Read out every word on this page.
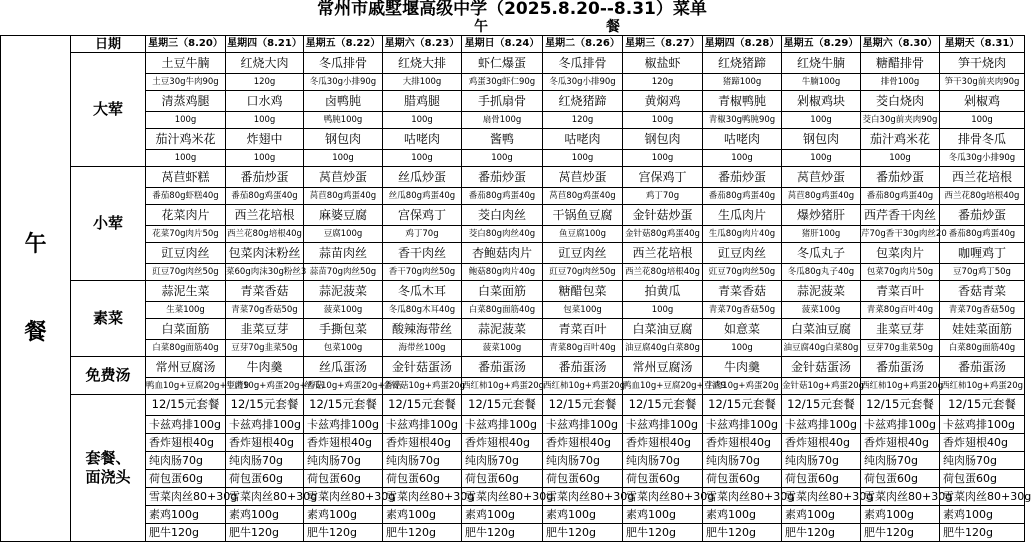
常州市戚墅堰高级中学（2025.8.20--8.31）菜单
午	餐
午
餐	日期	星期三（8.20）	星期四（8.21）	星期五（8.22）	星期六（8.23）	星期日（8.24）	星期二（8.26）	星期三（8.27）	星期四（8.28）	星期五（8.29）	星期六（8.30）	星期天（8.31）
	大荤	土豆牛腩	红烧大肉	冬瓜排骨	红烧大排	虾仁爆蛋	冬瓜排骨	椒盐虾	红烧猪蹄	红烧牛腩	糖醋排骨	笋干烧肉
		土豆30g牛肉90g	120g	冬瓜30g小排90g	大排100g	鸡蛋30g虾仁90g	冬瓜30g小排90g	120g	猪蹄100g	牛腩100g	排骨100g	笋干30g前夹肉90g
		清蒸鸡腿	口水鸡	卤鸭肫	腊鸡腿	手抓扇骨	红烧猪蹄	黄焖鸡	青椒鸭肫	剁椒鸡块	茭白烧肉	剁椒鸡
		100g	100g	鸭肫100g	100g	扇骨100g	120g	100g	青椒30g鸭肫90g	100g	茭白30g前夹肉90g	100g
		茄汁鸡米花	炸翅中	钢包肉	咕咾肉	酱鸭	咕咾肉	钢包肉	咕咾肉	钢包肉	茄汁鸡米花	排骨冬瓜
		100g	100g	100g	100g	100g	100g	100g	100g	100g	100g	冬瓜30g小排90g
	小荤	莴苣虾糕	番茄炒蛋	莴苣炒蛋	丝瓜炒蛋	番茄炒蛋	莴苣炒蛋	宫保鸡丁	番茄炒蛋	莴苣炒蛋	番茄炒蛋	西兰花培根
		番茄80g虾糕40g	番茄80g鸡蛋40g	莴苣80g鸡蛋40g	丝瓜80g鸡蛋40g	番茄80g鸡蛋40g	莴苣80g鸡蛋40g	鸡丁70g	番茄80g鸡蛋40g	莴苣80g鸡蛋40g	番茄80g鸡蛋40g	西兰花80g培根40g
		花菜肉片	西兰花培根	麻婆豆腐	宫保鸡丁	茭白肉丝	干锅鱼豆腐	金针菇炒蛋	生瓜肉片	爆炒猪肝	西芹香干肉丝	番茄炒蛋
		花菜70g肉片50g	西兰花80g培根40g	豆腐100g	鸡丁70g	茭白80g肉丝40g	鱼豆腐100g	金针菇80g鸡蛋40g	生瓜80g肉片40g	猪肝100g	芹70g香干30g肉丝20	番茄80g鸡蛋40g
		豇豆肉丝	包菜肉沫粉丝	蒜苗肉丝	香干肉丝	杏鲍菇肉片	豇豆肉丝	西兰花培根	豇豆肉丝	冬瓜丸子	包菜肉片	咖喱鸡丁
		豇豆70g肉丝50g	菜60g肉沫30g粉丝3	蒜苗70g肉丝50g	香干70g肉丝50g	鲍菇80g肉片40g	豇豆70g肉丝50g	西兰花80g培根40g	豇豆70g肉丝50g	冬瓜80g丸子40g	包菜70g肉片50g	豆70g鸡丁50g
	素菜	蒜泥生菜	青菜香菇	蒜泥菠菜	冬瓜木耳	白菜面筋	糖醋包菜	拍黄瓜	青菜香菇	蒜泥菠菜	青菜百叶	香菇青菜
		生菜100g	青菜70g香菇50g	菠菜100g	冬瓜80g木耳40g	白菜80g面筋40g	包菜100g	100g	青菜70g香菇50g	菠菜100g	青菜80g百叶40g	青菜70g香菇50g
		白菜面筋	韭菜豆芽	手撕包菜	酸辣海带丝	蒜泥菠菜	青菜百叶	白菜油豆腐	如意菜	白菜油豆腐	韭菜豆芽	娃娃菜面筋
		白菜80g面筋40g	豆芽70g韭菜50g	包菜100g	海带丝100g	菠菜100g	青菜80g百叶40g	油豆腐40g白菜80g	100g	油豆腐40g白菜80g	豆芽70g韭菜50g	白菜80g面筋40g
	免费汤	常州豆腐汤	牛肉羹	丝瓜蛋汤	金针菇蛋汤	番茄蛋汤	番茄蛋汤	常州豆腐汤	牛肉羹	金针菇蛋汤	番茄蛋汤	番茄蛋汤
		鸭血10g+豆腐20g+豆渣9	牛肉10g+鸡蛋20g+香菇	丝瓜10g+鸡蛋20g+香菇	金针菇10g+鸡蛋20g	西红柿10g+鸡蛋20g	西红柿10g+鸡蛋20g	鸭血10g+豆腐20g+豆渣9	牛肉10g+鸡蛋20g	金针菇10g+鸡蛋20g	西红柿10g+鸡蛋20g	西红柿10g+鸡蛋20g

	套餐、
面浇头	12/15元套餐	12/15元套餐	12/15元套餐	12/15元套餐	12/15元套餐	12/15元套餐	12/15元套餐	12/15元套餐	12/15元套餐	12/15元套餐	12/15元套餐
		卡兹鸡排100g	卡兹鸡排100g	卡兹鸡排100g	卡兹鸡排100g	卡兹鸡排100g	卡兹鸡排100g	卡兹鸡排100g	卡兹鸡排100g	卡兹鸡排100g	卡兹鸡排100g	卡兹鸡排100g
		香炸翅根40g	香炸翅根40g	香炸翅根40g	香炸翅根40g	香炸翅根40g	香炸翅根40g	香炸翅根40g	香炸翅根40g	香炸翅根40g	香炸翅根40g	香炸翅根40g
		纯肉肠70g	纯肉肠70g	纯肉肠70g	纯肉肠70g	纯肉肠70g	纯肉肠70g	纯肉肠70g	纯肉肠70g	纯肉肠70g	纯肉肠70g	纯肉肠70g
		荷包蛋60g	荷包蛋60g	荷包蛋60g	荷包蛋60g	荷包蛋60g	荷包蛋60g	荷包蛋60g	荷包蛋60g	荷包蛋60g	荷包蛋60g	荷包蛋60g
		雪菜肉丝80+30g	雪菜肉丝80+30g	雪菜肉丝80+30g	雪菜肉丝80+30g	雪菜肉丝80+30g	雪菜肉丝80+30g	雪菜肉丝80+30g	雪菜肉丝80+30g	雪菜肉丝80+30g	雪菜肉丝80+30g	雪菜肉丝80+30g
		素鸡100g	素鸡100g	素鸡100g	素鸡100g	素鸡100g	素鸡100g	素鸡100g	素鸡100g	素鸡100g	素鸡100g	素鸡100g
		肥牛120g	肥牛120g	肥牛120g	肥牛120g	肥牛120g	肥牛120g	肥牛120g	肥牛120g	肥牛120g	肥牛120g	肥牛120g
